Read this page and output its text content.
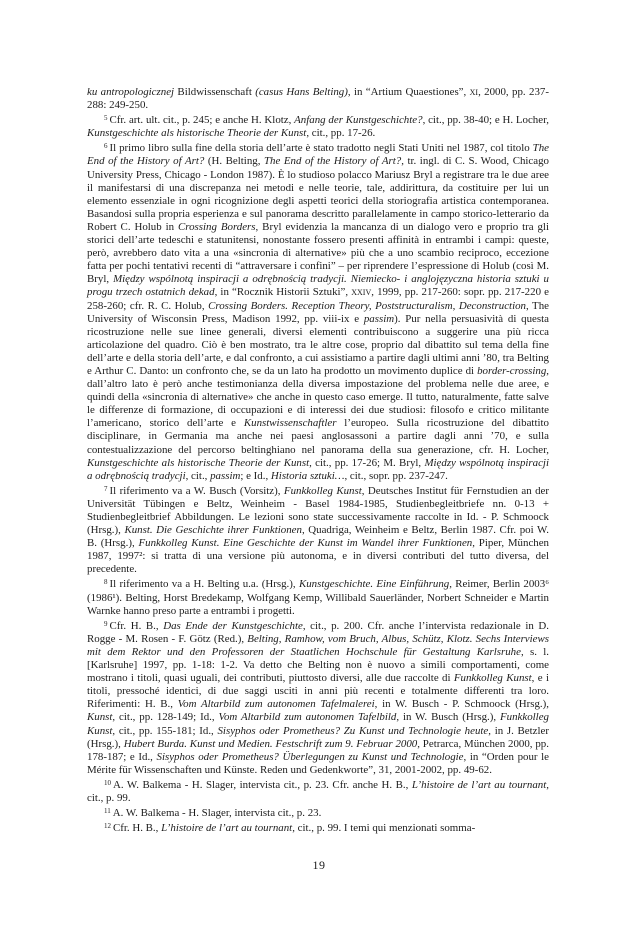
ku antropologicznej Bildwissenschaft (casus Hans Belting), in “Artium Quaestiones”, xi, 2000, pp. 237-288: 249-250.

$^5$ Cfr. art. ult. cit., p. 245; e anche H. Klotz, Anfang der Kunstgeschichte?, cit., pp. 38-40; e H. Locher, Kunstgeschichte als historische Theorie der Kunst, cit., pp. 17-26.

$^6$ Il primo libro sulla fine della storia dell’arte è stato tradotto negli Stati Uniti nel 1987, col titolo The End of the History of Art? (H. Belting, The End of the History of Art?, tr. ingl. di C. S. Wood, Chicago University Press, Chicago - London 1987). È lo studioso polacco Mariusz Bryl a registrare tra le due aree il manifestarsi di una discrepanza nei metodi e nelle teorie, tale, addirittura, da costituire per lui un elemento essenziale in ogni ricognizione degli aspetti teorici della storiografia artistica contemporanea. Basandosi sulla propria esperienza e sul panorama descritto parallelamente in campo storico-letterario da Robert C. Holub in Crossing Borders, Bryl evidenzia la mancanza di un dialogo vero e proprio tra gli storici dell’arte tedeschi e statunitensi, nonostante fossero presenti affinità in entrambi i campi: queste, però, avrebbero dato vita a una «sincronia di alternative» più che a uno scambio reciproco, eccezione fatta per pochi tentativi recenti di “attraversare i confini” – per riprendere l’espressione di Holub (così M. Bryl, Między wspólnotą inspiracji a odrębnością tradycji. Niemiecko- i anglojęzyczna historia sztuki u progu trzech ostatnich dekad, in “Rocznik Historii Sztuki”, xxiv, 1999, pp. 217-260: sopr. pp. 217-220 e 258-260; cfr. R. C. Holub, Crossing Borders. Reception Theory, Poststructuralism, Deconstruction, The University of Wisconsin Press, Madison 1992, pp. viii-ix e passim). Pur nella persuasività di questa ricostruzione nelle sue linee generali, diversi elementi contribuiscono a suggerire una più ricca articolazione del quadro. Ciò è ben mostrato, tra le altre cose, proprio dal dibattito sul tema della fine dell’arte e della storia dell’arte, e dal confronto, a cui assistiamo a partire dagli ultimi anni ’80, tra Belting e Arthur C. Danto: un confronto che, se da un lato ha prodotto un movimento duplice di border-crossing, dall’altro lato è però anche testimonianza della diversa impostazione del problema nelle due aree, e quindi della «sincronia di alternative» che anche in questo caso emerge. Il tutto, naturalmente, fatte salve le differenze di formazione, di occupazioni e di interessi dei due studiosi: filosofo e critico militante l’americano, storico dell’arte e Kunstwissenschaftler l’europeo. Sulla ricostruzione del dibattito disciplinare, in Germania ma anche nei paesi anglosassoni a partire dagli anni ’70, e sulla contestualizzazione del percorso beltinghiano nel panorama della sua generazione, cfr. H. Locher, Kunstgeschichte als historische Theorie der Kunst, cit., pp. 17-26; M. Bryl, Między wspólnotą inspiracji a odrębnością tradycji, cit., passim; e Id., Historia sztuki…, cit., sopr. pp. 237-247.

$^7$ Il riferimento va a W. Busch (Vorsitz), Funkkolleg Kunst, Deutsches Institut für Fernstudien an der Universität Tübingen e Beltz, Weinheim - Basel 1984-1985, Studienbegleitbriefe nn. 0-13 + Studienbegleitbrief Abbildungen. Le lezioni sono state successivamente raccolte in Id. - P. Schmoock (Hrsg.), Kunst. Die Geschichte ihrer Funktionen, Quadriga, Weinheim e Beltz, Berlin 1987. Cfr. poi W. B. (Hrsg.), Funkkolleg Kunst. Eine Geschichte der Kunst im Wandel ihrer Funktionen, Piper, München 1987, 1997²: si tratta di una versione più autonoma, e in diversi contributi del tutto diversa, del precedente.

$^8$ Il riferimento va a H. Belting u.a. (Hrsg.), Kunstgeschichte. Eine Einführung, Reimer, Berlin 2003⁶ (1986¹). Belting, Horst Bredekamp, Wolfgang Kemp, Willibald Sauerländer, Norbert Schneider e Martin Warnke hanno preso parte a entrambi i progetti.

$^9$ Cfr. H. B., Das Ende der Kunstgeschichte, cit., p. 200. Cfr. anche l’intervista redazionale in D. Rogge - M. Rosen - F. Götz (Red.), Belting, Ramhow, vom Bruch, Albus, Schütz, Klotz. Sechs Interviews mit dem Rektor und den Professoren der Staatlichen Hochschule für Gestaltung Karlsruhe, s. l. [Karlsruhe] 1997, pp. 1-18: 1-2. Va detto che Belting non è nuovo a simili comportamenti, come mostrano i titoli, quasi uguali, dei contributi, piuttosto diversi, alle due raccolte di Funkkolleg Kunst, e i titoli, pressoché identici, di due saggi usciti in anni più recenti e totalmente differenti tra loro. Riferimenti: H. B., Vom Altarbild zum autonomen Tafelmalerei, in W. Busch - P. Schmoock (Hrsg.), Kunst, cit., pp. 128-149; Id., Vom Altarbild zum autonomen Tafelbild, in W. Busch (Hrsg.), Funkkolleg Kunst, cit., pp. 155-181; Id., Sisyphos oder Prometheus? Zu Kunst und Technologie heute, in J. Betzler (Hrsg.), Hubert Burda. Kunst und Medien. Festschrift zum 9. Februar 2000, Petrarca, München 2000, pp. 178-187; e Id., Sisyphos oder Prometheus? Überlegungen zu Kunst und Technologie, in “Orden pour le Mérite für Wissenschaften und Künste. Reden und Gedenkworte”, 31, 2001-2002, pp. 49-62.

$^{10}$ A. W. Balkema - H. Slager, intervista cit., p. 23. Cfr. anche H. B., L’histoire de l’art au tournant, cit., p. 99.

$^{11}$ A. W. Balkema - H. Slager, intervista cit., p. 23.

$^{12}$ Cfr. H. B., L’histoire de l’art au tournant, cit., p. 99. I temi qui menzionati somma-

19
